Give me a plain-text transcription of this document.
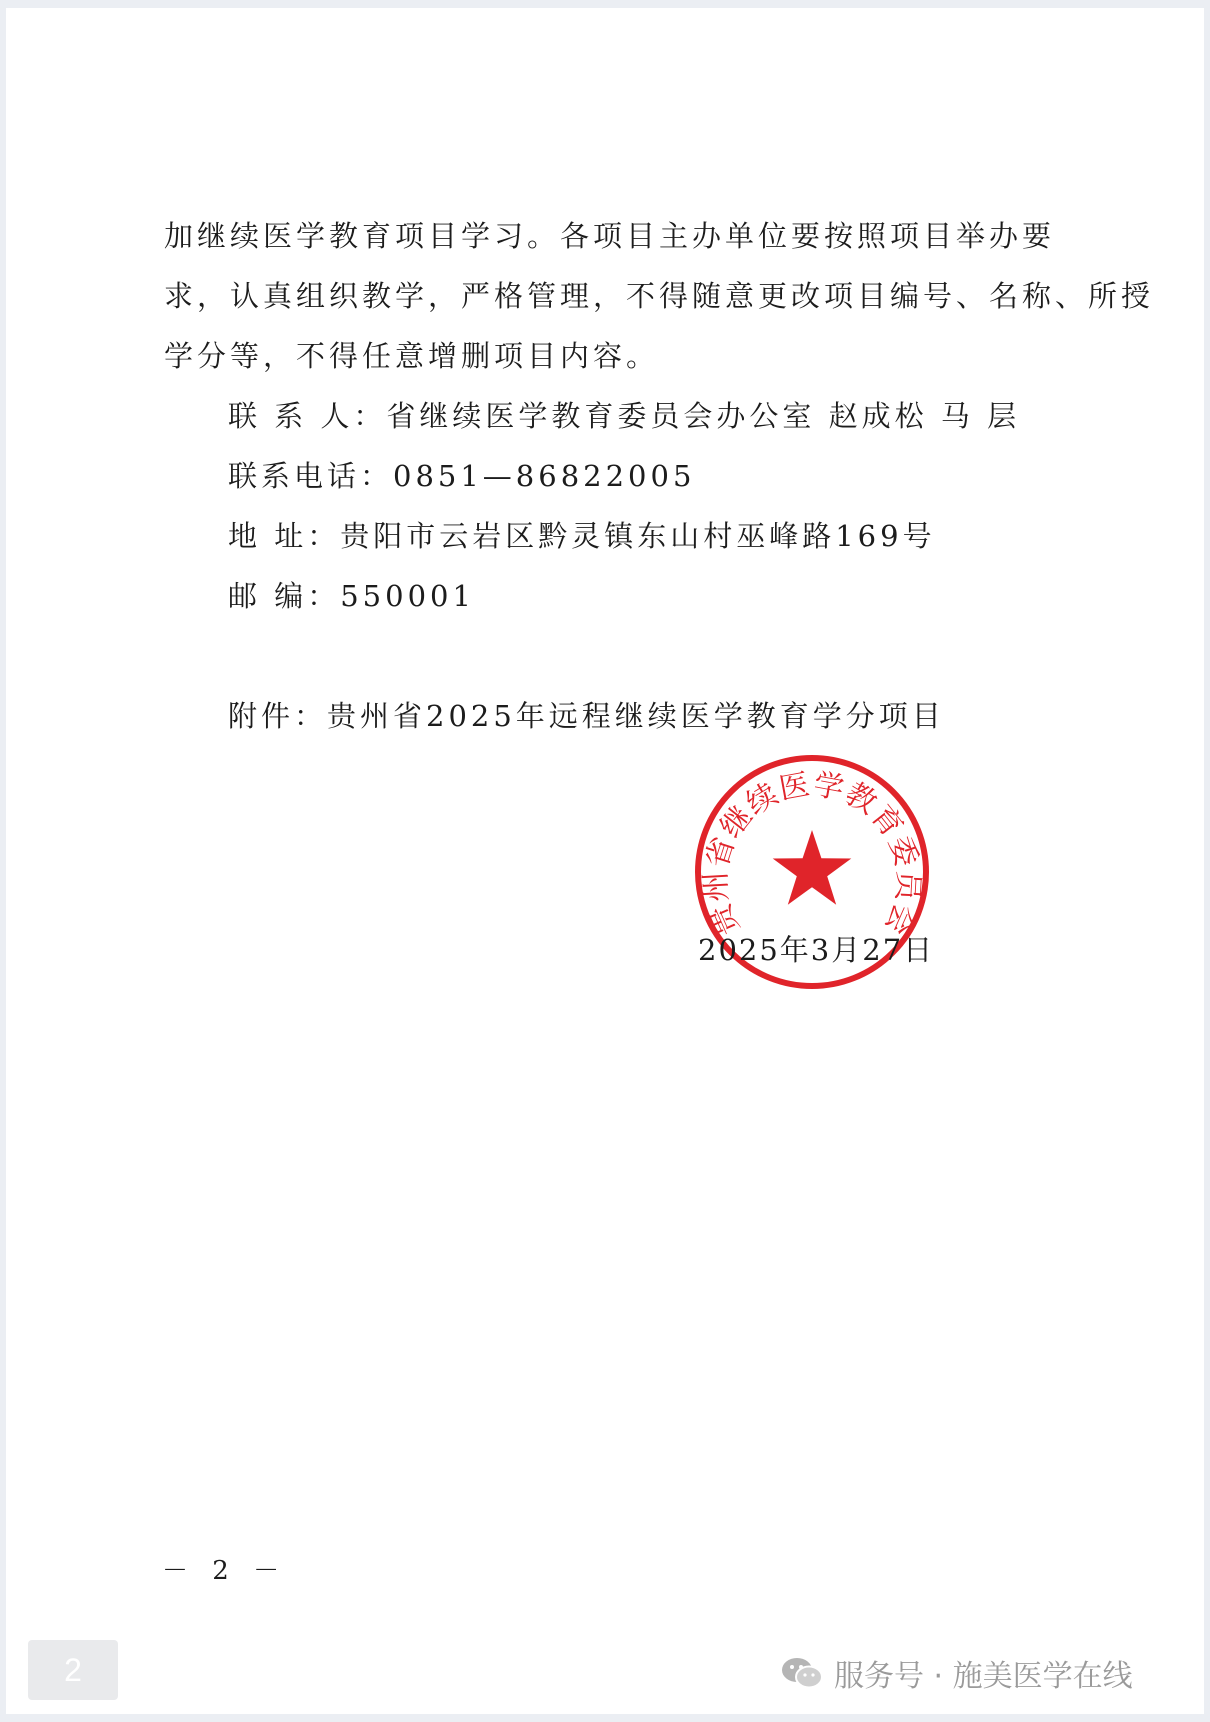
加继续医学教育项目学习。各项目主办单位要按照项目举办要

求，认真组织教学，严格管理，不得随意更改项目编号、名称、所授

学分等，不得任意增删项目内容。

联 系 人：省继续医学教育委员会办公室 赵成松 马 层
联系电话：0851—86822005
地 址：贵阳市云岩区黔灵镇东山村巫峰路169号
邮 编：550001
附件：贵州省2025年远程继续医学教育学分项目
贵州省继续医学教育委员会
2025年3月27日
－ 2 －
2	服务号 · 施美医学在线
